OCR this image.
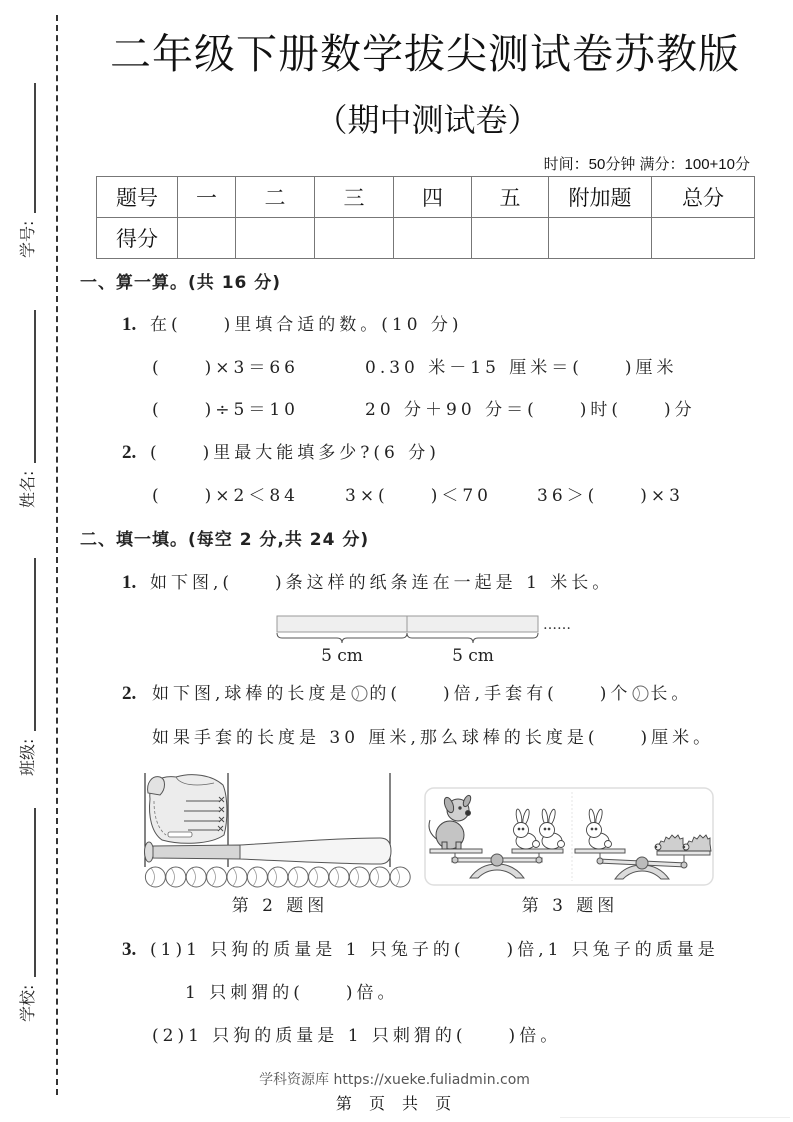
学号:
姓名:
班级:
学校:
二年级下册数学拔尖测试卷苏教版
（期中测试卷）
时间：50分钟 满分：100+10分
题号	一	二	三	四	五	附加题	总分
得分							
一、算一算。(共 16 分)
1. 在(　　)里填合适的数。(10 分)
(　　)×3＝66	0.30 米－15 厘米＝(　　)厘米
(　　)÷5＝10	20 分＋90 分＝(　　)时(　　)分
2. (　　)里最大能填多少?(6 分)
(　　)×2＜84	3×(　　)＜70	36＞(　　)×3
二、填一填。(每空 2 分,共 24 分)
1. 如下图,(　　)条这样的纸条连在一起是 1 米长。
5 cm	5 cm
……
2. 如下图,球棒的长度是 的(　　)倍,手套有(　　)个 长。
如果手套的长度是 30 厘米,那么球棒的长度是(　　)厘米。
第 2 题图	第 3 题图
3. (1)1 只狗的质量是 1 只兔子的(　　)倍,1 只兔子的质量是
1 只刺猬的(　　)倍。
(2)1 只狗的质量是 1 只刺猬的(　　)倍。
学科资源库 https://xueke.fuliadmin.com
第 页 共 页
